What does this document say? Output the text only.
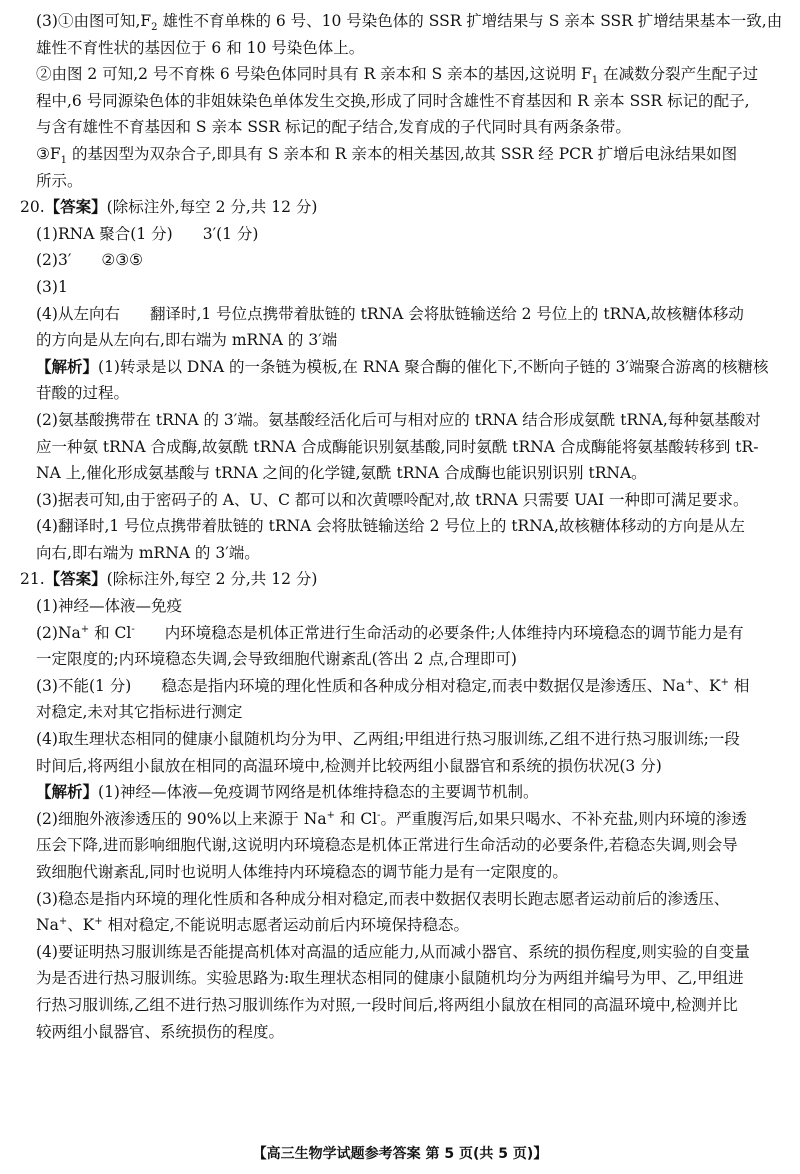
(3)①由图可知$,F_2$ 雄性不育单株的 6 号、10 号染色体的 SSR 扩增结果与 S 亲本 SSR 扩增结果基本一致,由
雄性不育性状的基因位于 6 和 10 号染色体上。
②由图 2 可知,2 号不育株 6 号染色体同时具有 R 亲本和 S 亲本的基因,这说明 $F_1$ 在减数分裂产生配子过
程中,6 号同源染色体的非姐妹染色单体发生交换,形成了同时含雄性不育基因和 R 亲本 SSR 标记的配子,
与含有雄性不育基因和 S 亲本 SSR 标记的配子结合,发育成的子代同时具有两条条带。
$③F_1$ 的基因型为双杂合子,即具有 S 亲本和 R 亲本的相关基因,故其 SSR 经 PCR 扩增后电泳结果如图
所示。
20.【答案】(除标注外,每空 2 分,共 12 分)
(1)RNA 聚合(1 分) 3′(1 分)
(2)3′ ②③⑤
(3)1
(4)从左向右 翻译时,1 号位点携带着肽链的 tRNA 会将肽链输送给 2 号位上的 tRNA,故核糖体移动
的方向是从左向右,即右端为 mRNA 的 3′端
【解析】(1)转录是以 DNA 的一条链为模板,在 RNA 聚合酶的催化下,不断向子链的 3′端聚合游离的核糖核
苷酸的过程。
(2)氨基酸携带在 tRNA 的 3′端。氨基酸经活化后可与相对应的 tRNA 结合形成氨酰 tRNA,每种氨基酸对
应一种氨 tRNA 合成酶,故氨酰 tRNA 合成酶能识别氨基酸,同时氨酰 tRNA 合成酶能将氨基酸转移到 tR-
NA 上,催化形成氨基酸与 tRNA 之间的化学键,氨酰 tRNA 合成酶也能识别识别 tRNA。
(3)据表可知,由于密码子的 A、U、C 都可以和次黄嘌呤配对,故 tRNA 只需要 UAI 一种即可满足要求。
(4)翻译时,1 号位点携带着肽链的 tRNA 会将肽链输送给 2 号位上的 tRNA,故核糖体移动的方向是从左
向右,即右端为 mRNA 的 3′端。
21.【答案】(除标注外,每空 2 分,共 12 分)
(1)神经—体液—免疫
(2)Na+ 和 Cl- 内环境稳态是机体正常进行生命活动的必要条件;人体维持内环境稳态的调节能力是有
一定限度的;内环境稳态失调,会导致细胞代谢紊乱(答出 2 点,合理即可)
(3)不能(1 分) 稳态是指内环境的理化性质和各种成分相对稳定,而表中数据仅是渗透压、Na+、K+ 相
对稳定,未对其它指标进行测定
(4)取生理状态相同的健康小鼠随机均分为甲、乙两组;甲组进行热习服训练,乙组不进行热习服训练;一段
时间后,将两组小鼠放在相同的高温环境中,检测并比较两组小鼠器官和系统的损伤状况(3 分)
【解析】(1)神经—体液—免疫调节网络是机体维持稳态的主要调节机制。
(2)细胞外液渗透压的 90%以上来源于 Na+ 和 Cl-。严重腹泻后,如果只喝水、不补充盐,则内环境的渗透
压会下降,进而影响细胞代谢,这说明内环境稳态是机体正常进行生命活动的必要条件,若稳态失调,则会导
致细胞代谢紊乱,同时也说明人体维持内环境稳态的调节能力是有一定限度的。
(3)稳态是指内环境的理化性质和各种成分相对稳定,而表中数据仅表明长跑志愿者运动前后的渗透压、
Na+、K+ 相对稳定,不能说明志愿者运动前后内环境保持稳态。
(4)要证明热习服训练是否能提高机体对高温的适应能力,从而减小器官、系统的损伤程度,则实验的自变量
为是否进行热习服训练。实验思路为:取生理状态相同的健康小鼠随机均分为两组并编号为甲、乙,甲组进
行热习服训练,乙组不进行热习服训练作为对照,一段时间后,将两组小鼠放在相同的高温环境中,检测并比
较两组小鼠器官、系统损伤的程度。
【高三生物学试题参考答案 第 5 页(共 5 页)】
